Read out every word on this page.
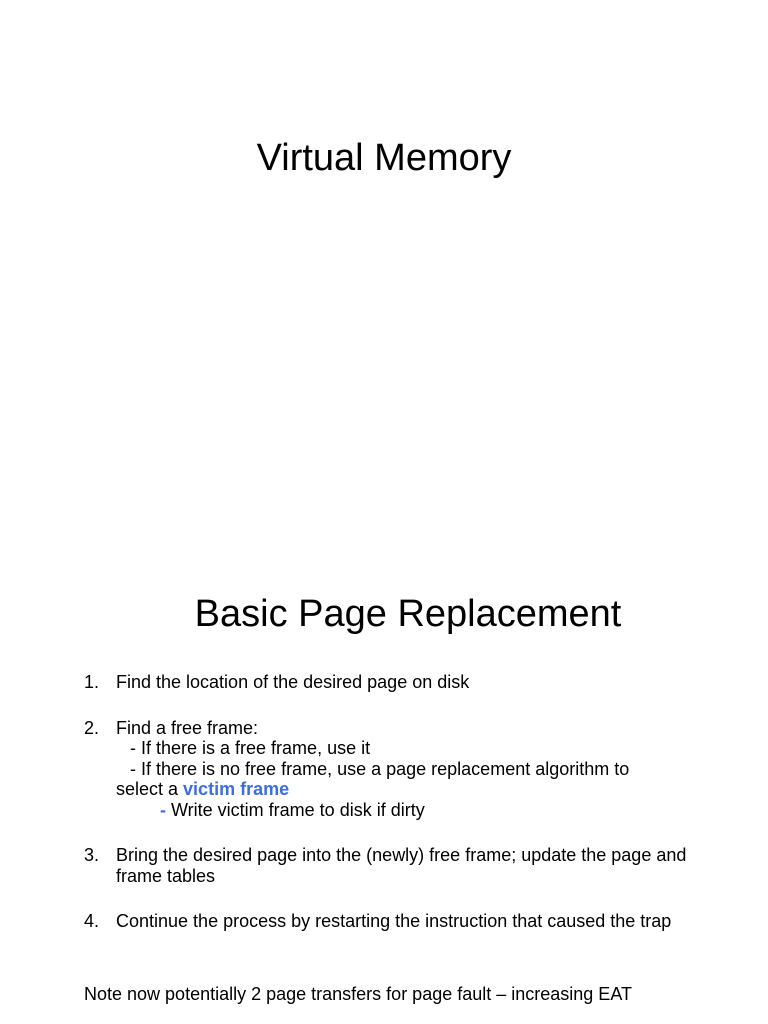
Virtual Memory
Basic Page Replacement
1. Find the location of the desired page on disk
2. Find a free frame:
- If there is a free frame, use it
- If there is no free frame, use a page replacement algorithm to
select a victim frame
- Write victim frame to disk if dirty
3. Bring the desired page into the (newly) free frame; update the page and frame tables
4. Continue the process by restarting the instruction that caused the trap

Note now potentially 2 page transfers for page fault – increasing EAT
